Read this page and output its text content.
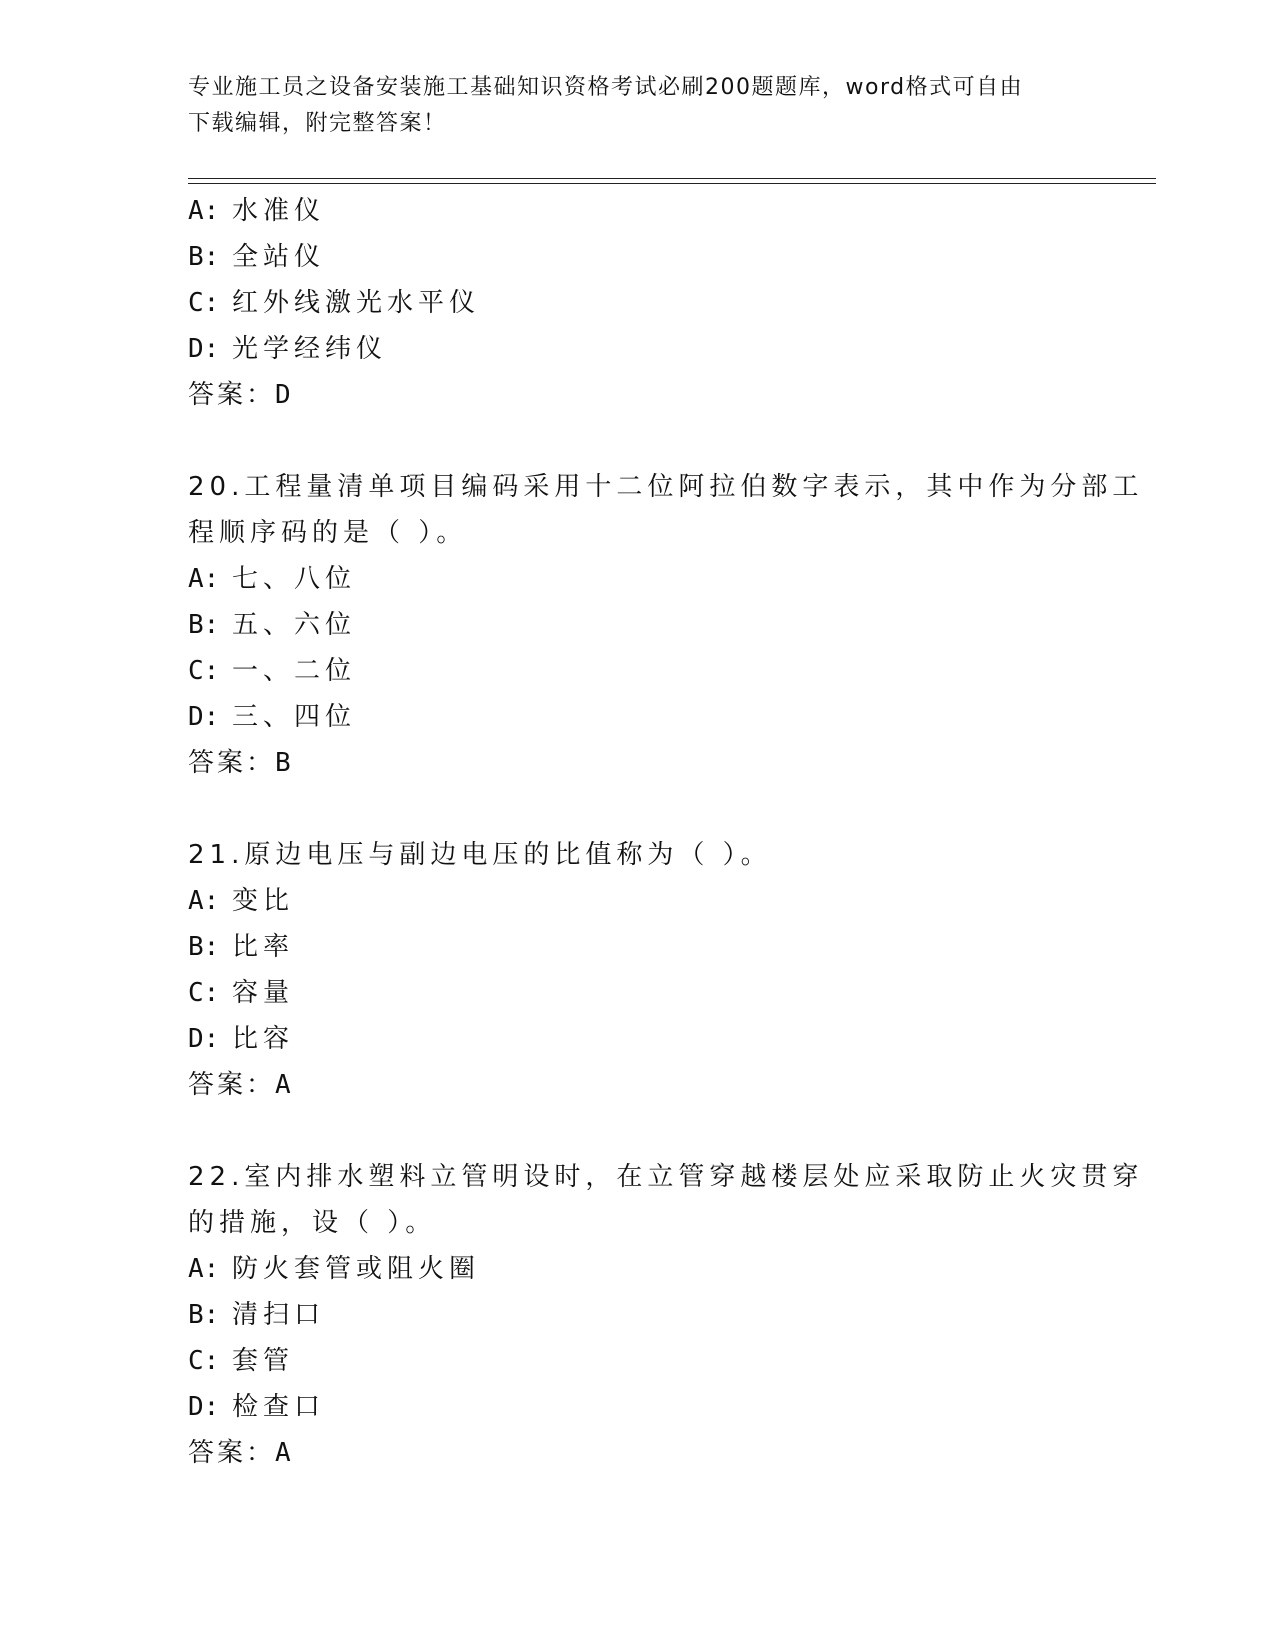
专业施工员之设备安装施工基础知识资格考试必刷200题题库，word格式可自由
下载编辑，附完整答案！
A: 水准仪
B: 全站仪
C: 红外线激光水平仪
D: 光学经纬仪
答案：D
20.工程量清单项目编码采用十二位阿拉伯数字表示，其中作为分部工
程顺序码的是（ ）。
A: 七、八位
B: 五、六位
C: 一、二位
D: 三、四位
答案：B
21.原边电压与副边电压的比值称为（ ）。
A: 变比
B: 比率
C: 容量
D: 比容
答案：A
22.室内排水塑料立管明设时，在立管穿越楼层处应采取防止火灾贯穿
的措施，设（ ）。
A: 防火套管或阻火圈
B: 清扫口
C: 套管
D: 检查口
答案：A
